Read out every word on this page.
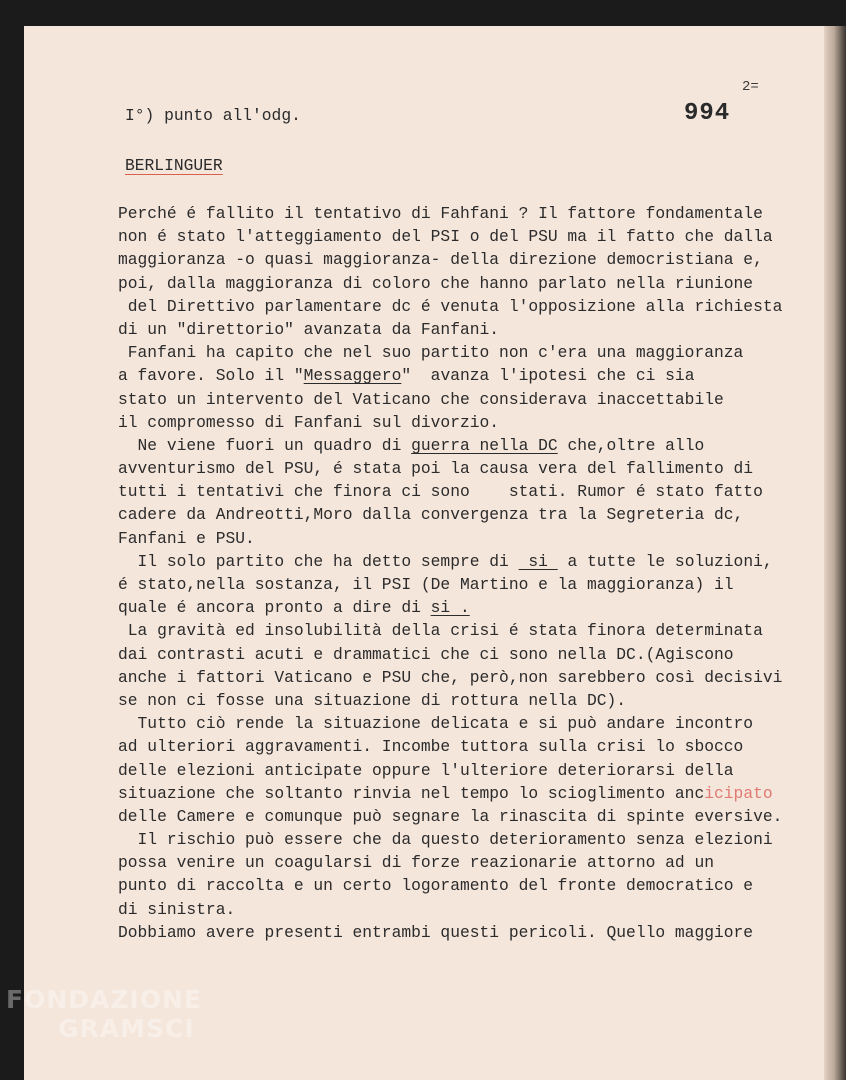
2=
994
I°) punto all'odg.
BERLINGUER
Perché é fallito il tentativo di Fahfani ? Il fattore fondamentale
non é stato l'atteggiamento del PSI o del PSU ma il fatto che dalla
maggioranza -o quasi maggioranza- della direzione democristiana e,
poi, dalla maggioranza di coloro che hanno parlato nella riunione
del Direttivo parlamentare dc é venuta l'opposizione alla richiesta
di un "direttorio" avanzata da Fanfani.
Fanfani ha capito che nel suo partito non c'era una maggioranza
a favore. Solo il "Messaggero"  avanza l'ipotesi che ci sia
stato un intervento del Vaticano che considerava inaccettabile
il compromesso di Fanfani sul divorzio.
Ne viene fuori un quadro di guerra nella DC che,oltre allo
avventurismo del PSU, é stata poi la causa vera del fallimento di
tutti i tentativi che finora ci sono    stati. Rumor é stato fatto
cadere da Andreotti,Moro dalla convergenza tra la Segreteria dc,
Fanfani e PSU.
Il solo partito che ha detto sempre di  si  a tutte le soluzioni,
é stato,nella sostanza, il PSI (De Martino e la maggioranza) il
quale é ancora pronto a dire di si .
La gravità ed insolubilità della crisi é stata finora determinata
dai contrasti acuti e drammatici che ci sono nella DC.(Agiscono
anche i fattori Vaticano e PSU che, però,non sarebbero così decisivi
se non ci fosse una situazione di rottura nella DC).
Tutto ciò rende la situazione delicata e si può andare incontro
ad ulteriori aggravamenti. Incombe tuttora sulla crisi lo sbocco
delle elezioni anticipate oppure l'ulteriore deteriorarsi della
situazione che soltanto rinvia nel tempo lo scioglimento ancicipato
delle Camere e comunque può segnare la rinascita di spinte eversive.
Il rischio può essere che da questo deterioramento senza elezioni
possa venire un coagularsi di forze reazionarie attorno ad un
punto di raccolta e un certo logoramento del fronte democratico e
di sinistra.
Dobbiamo avere presenti entrambi questi pericoli. Quello maggiore
FONDAZIONE
GRAMSCI
